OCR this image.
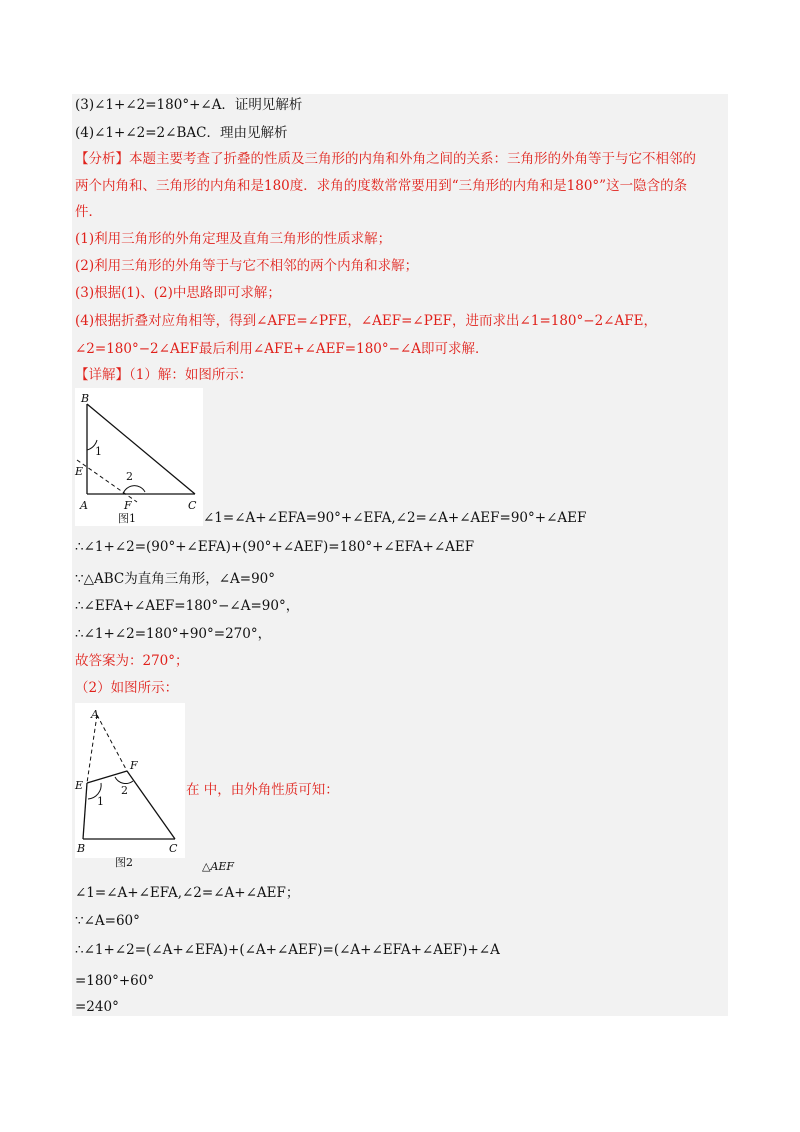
(3)∠1+∠2=180°+∠A．证明见解析
(4)∠1+∠2=2∠BAC．理由见解析
【分析】本题主要考查了折叠的性质及三角形的内角和外角之间的关系：三角形的外角等于与它不相邻的
两个内角和、三角形的内角和是180度．求角的度数常常要用到“三角形的内角和是180°”这一隐含的条
件．
(1)利用三角形的外角定理及直角三角形的性质求解；
(2)利用三角形的外角等于与它不相邻的两个内角和求解；
(3)根据(1)、(2)中思路即可求解；
(4)根据折叠对应角相等，得到∠AFE=∠PFE，∠AEF=∠PEF，进而求出∠1=180°−2∠AFE，
∠2=180°−2∠AEF最后利用∠AFE+∠AEF=180°−∠A即可求解．
【详解】（1）解：如图所示：
B
E
A	F	C
1
2
图1	∠1=∠A+∠EFA=90°+∠EFA,∠2=∠A+∠AEF=90°+∠AEF
∴∠1+∠2=(90°+∠EFA)+(90°+∠AEF)=180°+∠EFA+∠AEF
∵△ABC为直角三角形，∠A=90°
∴∠EFA+∠AEF=180°−∠A=90°，
∴∠1+∠2=180°+90°=270°，
故答案为：270°；
（2）如图所示：
A
E
F
B	C
1
2
图2
在 中，由外角性质可知：
△AEF
∠1=∠A+∠EFA,∠2=∠A+∠AEF；
∵∠A=60°
∴∠1+∠2=(∠A+∠EFA)+(∠A+∠AEF)=(∠A+∠EFA+∠AEF)+∠A
=180°+60°
=240°
